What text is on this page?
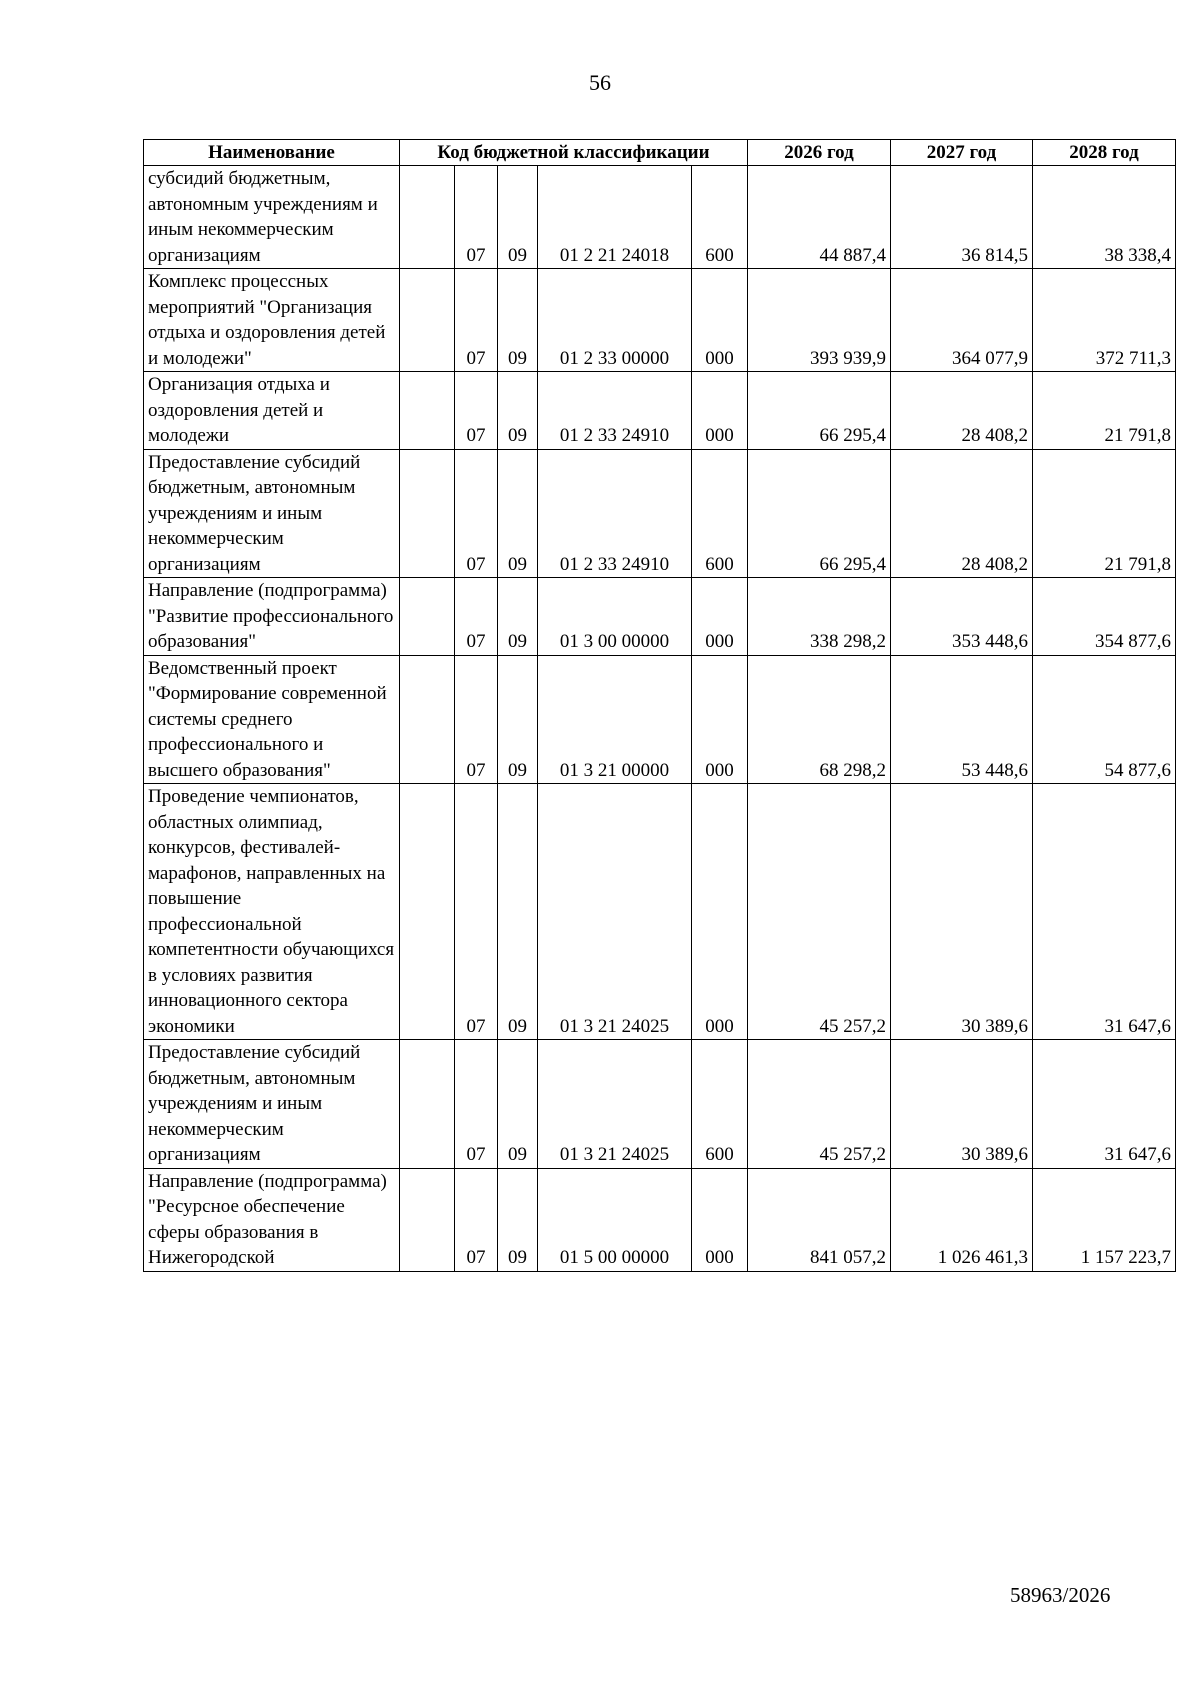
56
Наименование	Код бюджетной классификации					2026 год	2027 год	2028 год
субсидий бюджетным, автономным учреждениям и иным некоммерческим организациям		07	09	01 2 21 24018	600	44 887,4	36 814,5	38 338,4
Комплекс процессных мероприятий "Организация отдыха и оздоровления детей и молодежи"		07	09	01 2 33 00000	000	393 939,9	364 077,9	372 711,3
Организация отдыха и оздоровления детей и молодежи		07	09	01 2 33 24910	000	66 295,4	28 408,2	21 791,8
Предоставление субсидий бюджетным, автономным учреждениям и иным некоммерческим организациям		07	09	01 2 33 24910	600	66 295,4	28 408,2	21 791,8
Направление (подпрограмма) "Развитие профессионального образования"		07	09	01 3 00 00000	000	338 298,2	353 448,6	354 877,6
Ведомственный проект "Формирование современной системы среднего профессионального и высшего образования"		07	09	01 3 21 00000	000	68 298,2	53 448,6	54 877,6
Проведение чемпионатов, областных олимпиад, конкурсов, фестивалей-марафонов, направленных на повышение профессиональной компетентности обучающихся в условиях развития инновационного сектора экономики		07	09	01 3 21 24025	000	45 257,2	30 389,6	31 647,6
Предоставление субсидий бюджетным, автономным учреждениям и иным некоммерческим организациям		07	09	01 3 21 24025	600	45 257,2	30 389,6	31 647,6
Направление (подпрограмма) "Ресурсное обеспечение сферы образования в Нижегородской		07	09	01 5 00 00000	000	841 057,2	1 026 461,3	1 157 223,7
58963/2026
